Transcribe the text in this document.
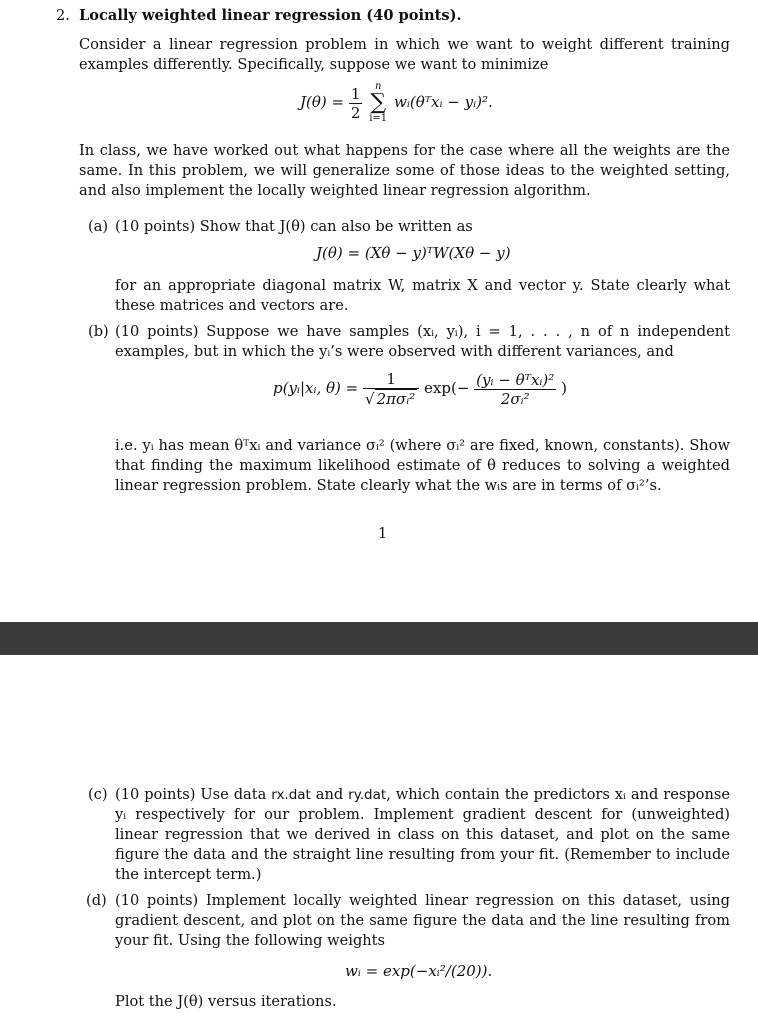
2. Locally weighted linear regression (40 points).
Consider a linear regression problem in which we want to weight different training examples differently. Specifically, suppose we want to minimize
$J(\theta) = \frac{1}{2}$
	n
∑
i=1
wᵢ(θᵀxᵢ − yᵢ)².
In class, we have worked out what happens for the case where all the weights are the same. In this problem, we will generalize some of those ideas to the weighted setting, and also implement the locally weighted linear regression algorithm.
(a) (10 points) Show that J(θ) can also be written as
J(θ) = (Xθ − y)ᵀW(Xθ − y)
for an appropriate diagonal matrix W, matrix X and vector y. State clearly what these matrices and vectors are.
(b) (10 points) Suppose we have samples (xᵢ, yᵢ), i = 1, . . . , n of n independent examples, but in which the yᵢ’s were observed with different variances, and
p(yᵢ|xᵢ, $\theta) = \frac{1}{\text{√ 2πσᵢ²}} \exp(- \frac{\text{(yᵢ − θᵀxᵢ)²}}{\text{2σᵢ²}}$ )
i.e. yᵢ has mean θᵀxᵢ and variance σᵢ² (where σᵢ² are fixed, known, constants). Show that finding the maximum likelihood estimate of θ reduces to solving a weighted linear regression problem. State clearly what the wᵢs are in terms of σᵢ²’s.
1
(c) (10 points) Use data rx.dat and ry.dat, which contain the predictors xᵢ and response yᵢ respectively for our problem. Implement gradient descent for (unweighted) linear regression that we derived in class on this dataset, and plot on the same figure the data and the straight line resulting from your fit. (Remember to include the intercept term.)
(d) (10 points) Implement locally weighted linear regression on this dataset, using gradient descent, and plot on the same figure the data and the line resulting from your fit. Using the following weights
wᵢ = exp(−xᵢ²/(20)).
Plot the J(θ) versus iterations.
